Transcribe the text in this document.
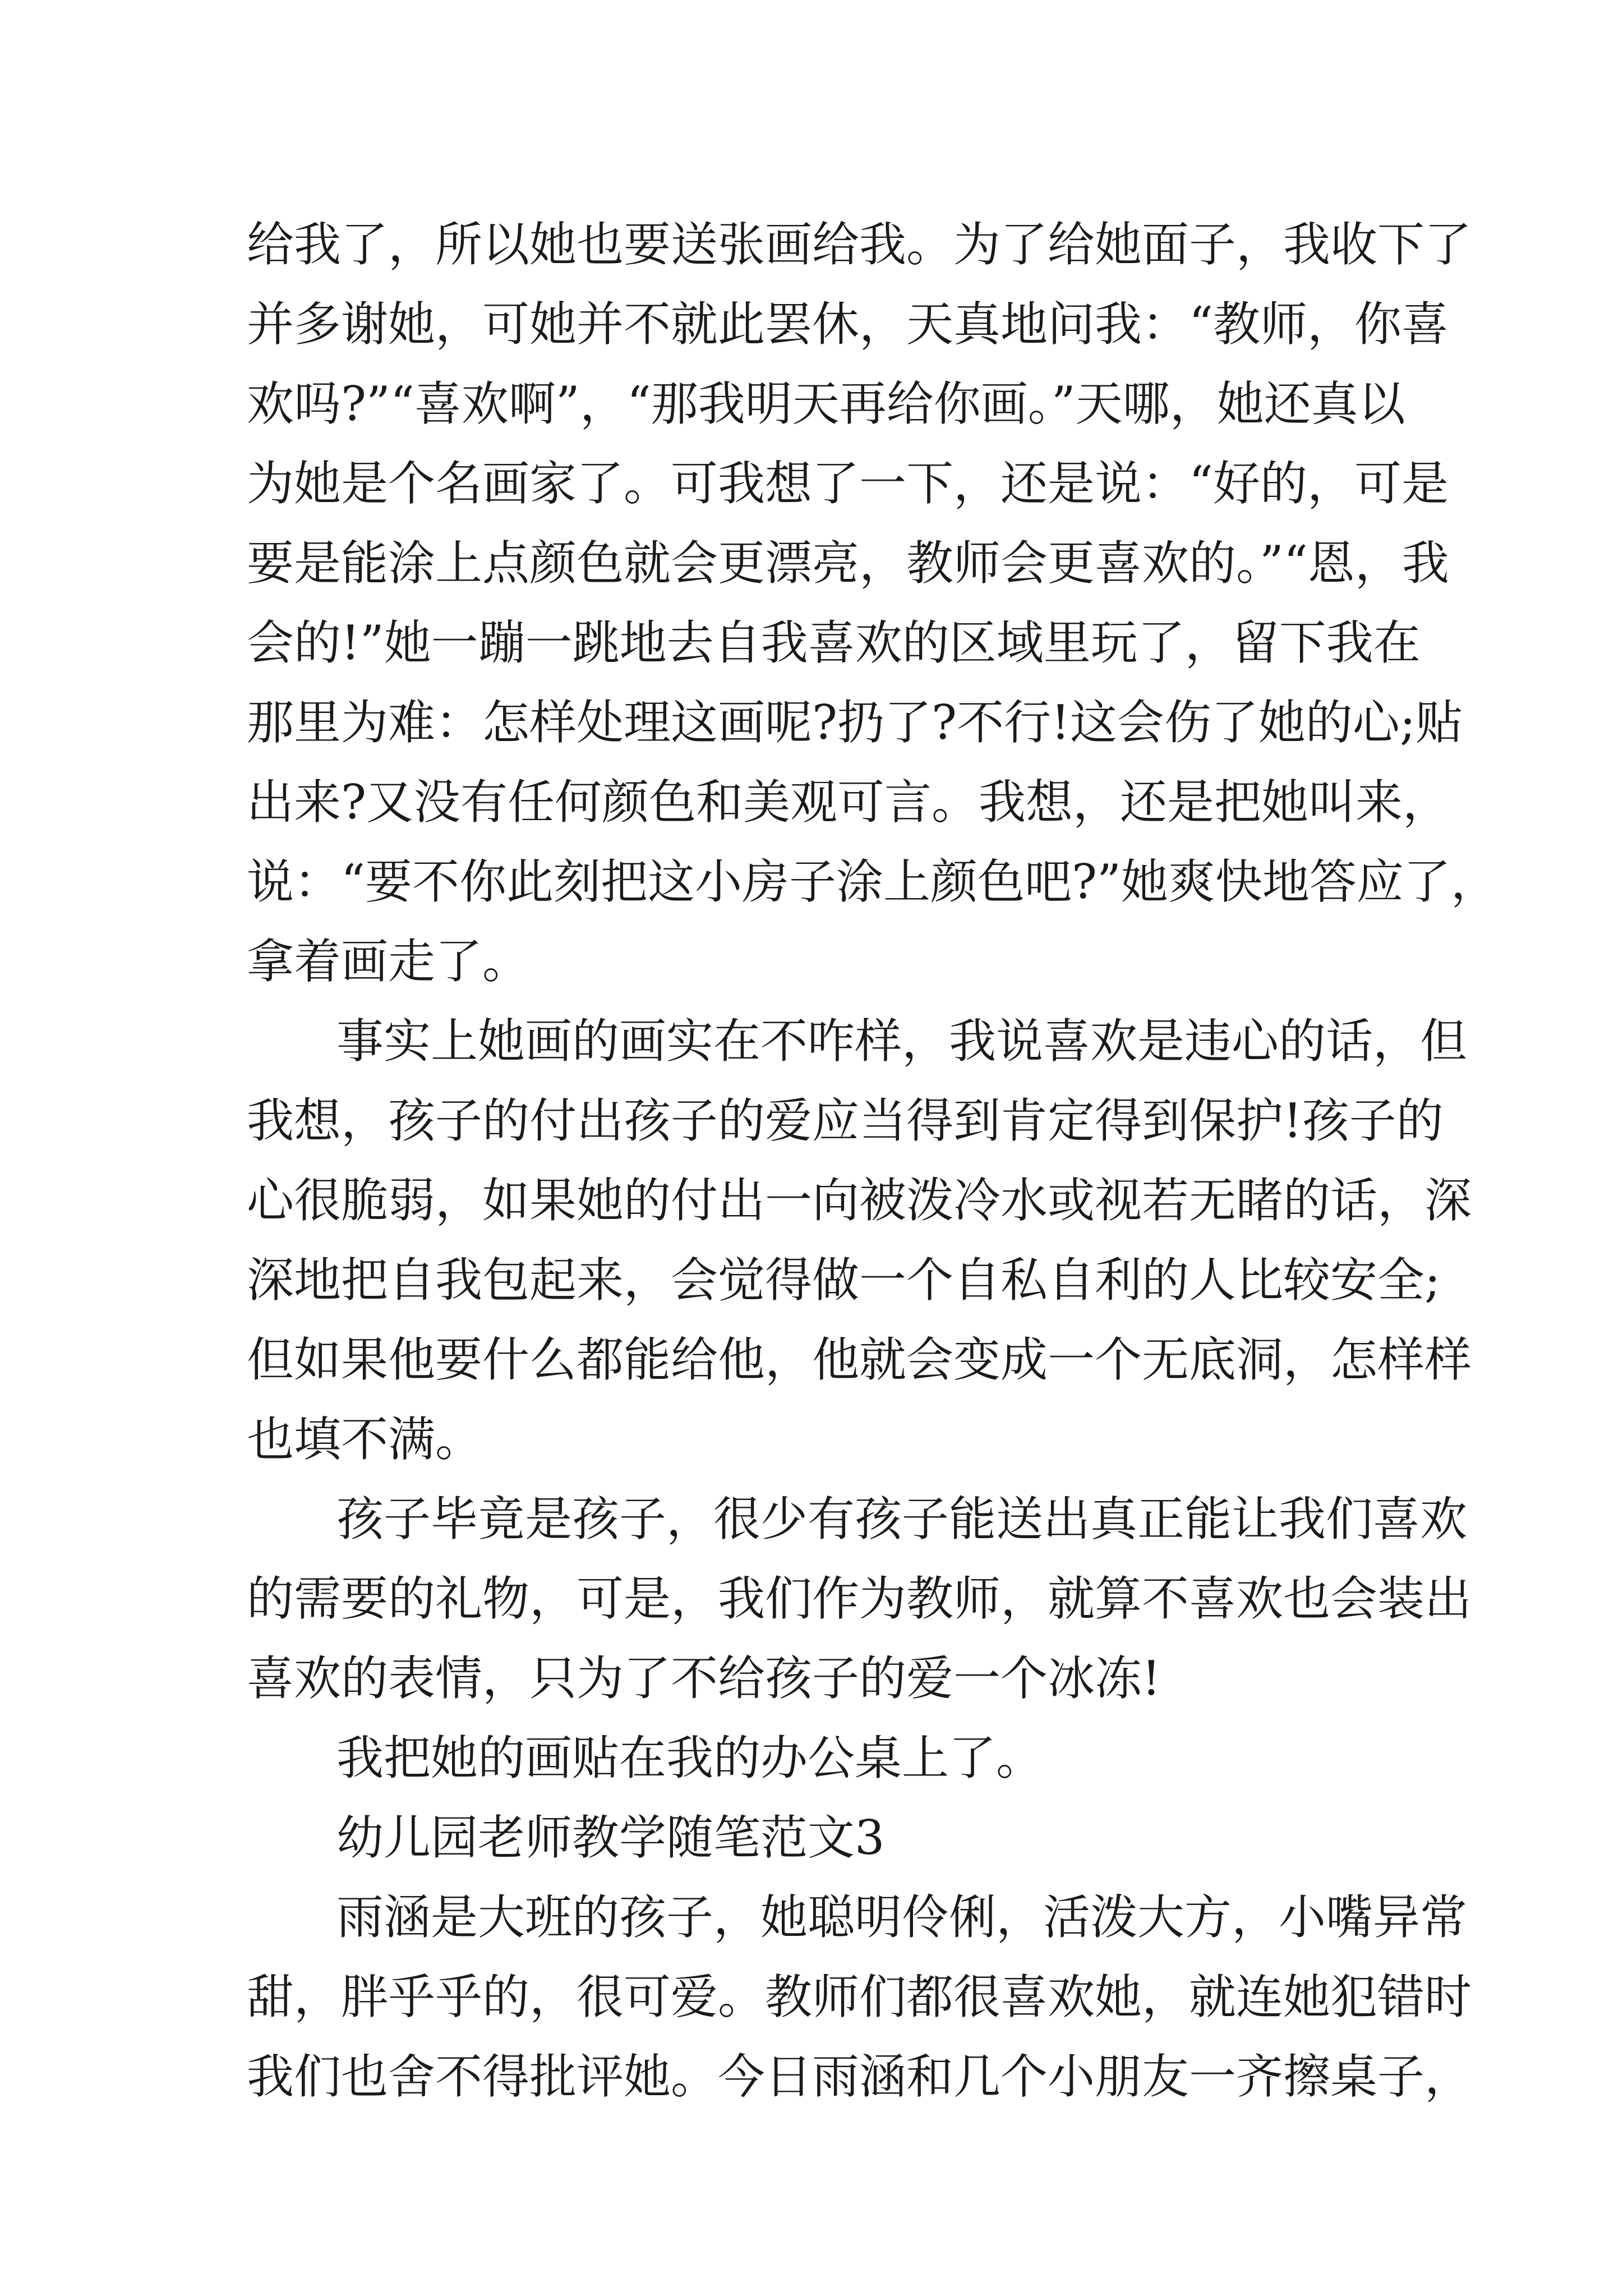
给我了，所以她也要送张画给我。为了给她面子，我收下了
并多谢她，可她并不就此罢休，天真地问我：“教师，你喜
欢吗?”“喜欢啊”，“那我明天再给你画。”天哪，她还真以
为她是个名画家了。可我想了一下，还是说：“好的，可是
要是能涂上点颜色就会更漂亮，教师会更喜欢的。”“恩，我
会的!”她一蹦一跳地去自我喜欢的区域里玩了，留下我在
那里为难：怎样处理这画呢?扔了?不行!这会伤了她的心;贴
出来?又没有任何颜色和美观可言。我想，还是把她叫来，
说：“要不你此刻把这小房子涂上颜色吧?”她爽快地答应了，
拿着画走了。
事实上她画的画实在不咋样，我说喜欢是违心的话，但
我想，孩子的付出孩子的爱应当得到肯定得到保护!孩子的
心很脆弱，如果她的付出一向被泼冷水或视若无睹的话，深
深地把自我包起来，会觉得做一个自私自利的人比较安全;
但如果他要什么都能给他，他就会变成一个无底洞，怎样样
也填不满。
孩子毕竟是孩子，很少有孩子能送出真正能让我们喜欢
的需要的礼物，可是，我们作为教师，就算不喜欢也会装出
喜欢的表情，只为了不给孩子的爱一个冰冻!
我把她的画贴在我的办公桌上了。
幼儿园老师教学随笔范文3
雨涵是大班的孩子，她聪明伶俐，活泼大方，小嘴异常
甜，胖乎乎的，很可爱。教师们都很喜欢她，就连她犯错时
我们也舍不得批评她。今日雨涵和几个小朋友一齐擦桌子，
